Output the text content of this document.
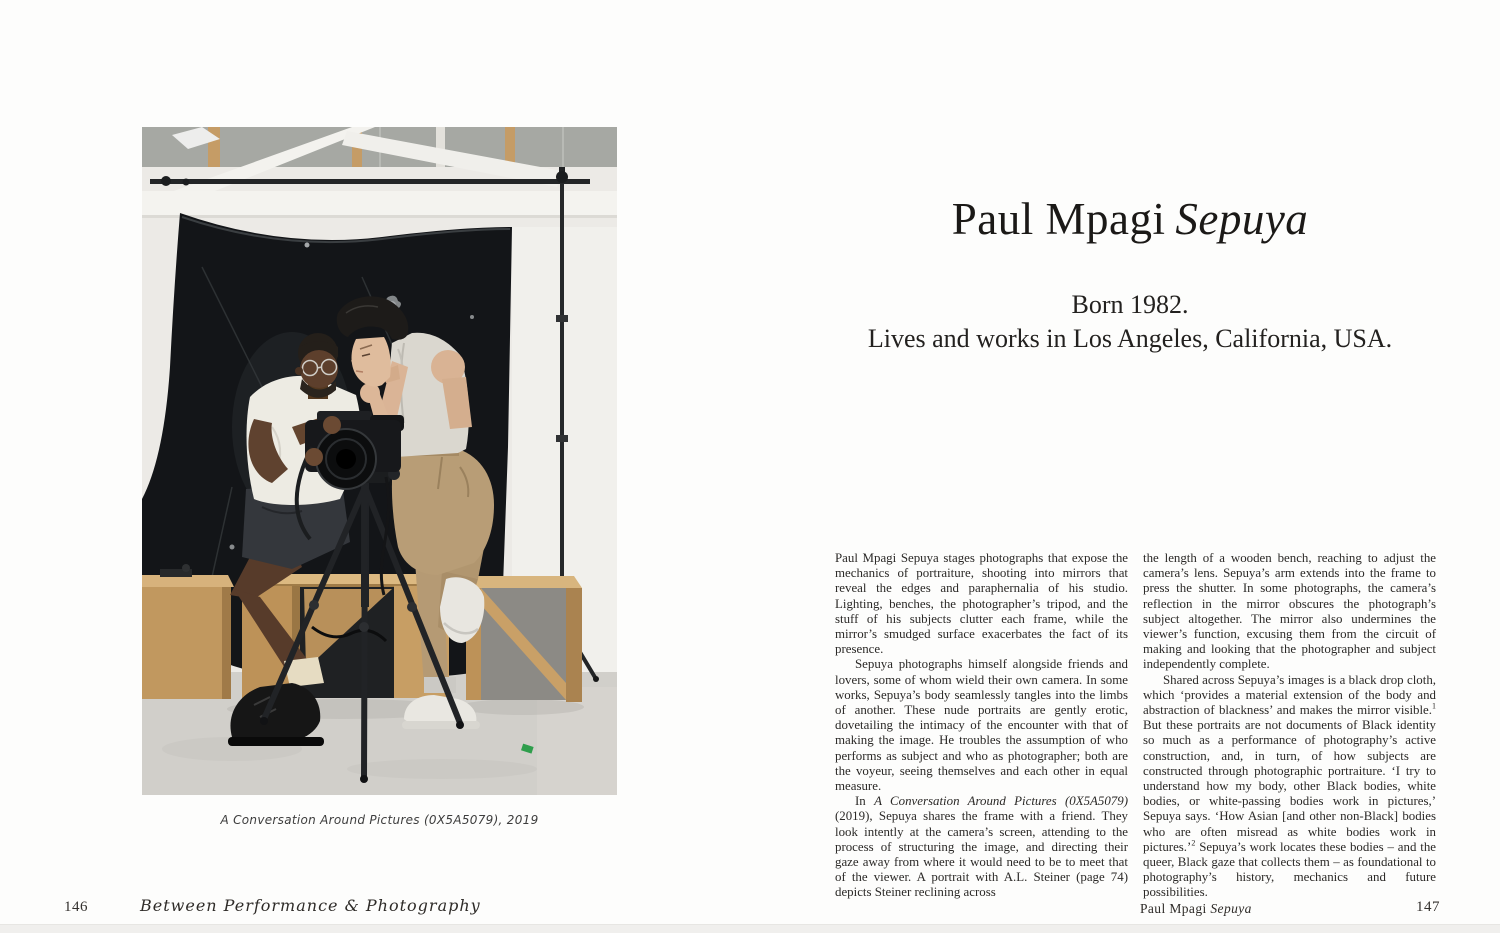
A Conversation Around Pictures (0X5A5079), 2019
146	Between Performance & Photography
Paul Mpagi Sepuya
Born 1982.
Lives and works in Los Angeles, California, USA.

Paul Mpagi Sepuya stages photographs that expose the mechanics of portraiture, shooting into mirrors that reveal the edges and paraphernalia of his studio. Lighting, benches, the photographer’s tripod, and the stuff of his subjects clutter each frame, while the mirror’s smudged surface exacerbates the fact of its presence.

Sepuya photographs himself alongside friends and lovers, some of whom wield their own camera. In some works, Sepuya’s body seamlessly tangles into the limbs of another. These nude portraits are gently erotic, dovetailing the intimacy of the encounter with that of making the image. He troubles the assumption of who performs as subject and who as photographer; both are the voyeur, seeing themselves and each other in equal measure.

In A Conversation Around Pictures (0X5A5079) (2019), Sepuya shares the frame with a friend. They look intently at the camera’s screen, attending to the process of structuring the image, and directing their gaze away from where it would need to be to meet that of the viewer. A portrait with A.L. Steiner (page 74) depicts Steiner reclining across

the length of a wooden bench, reaching to adjust the camera’s lens. Sepuya’s arm extends into the frame to press the shutter. In some photographs, the camera’s reflection in the mirror obscures the photograph’s subject altogether. The mirror also undermines the viewer’s function, excusing them from the circuit of making and looking that the photographer and subject independently complete.

Shared across Sepuya’s images is a black drop cloth, which ‘provides a material extension of the body and abstraction of blackness’ and makes the mirror visible.$^1$ But these portraits are not documents of Black identity so much as a performance of photography’s active construction, and, in turn, of how subjects are constructed through photographic portraiture. ‘I try to understand how my body, other Black bodies, white bodies, or white-passing bodies work in pictures,’ Sepuya says. ‘How Asian [and other non-Black] bodies who are often misread as white bodies work in pictures.’$^2$ Sepuya’s work locates these bodies – and the queer, Black gaze that collects them – as foundational to photography’s history, mechanics and future possibilities.

Paul Mpagi Sepuya	147
